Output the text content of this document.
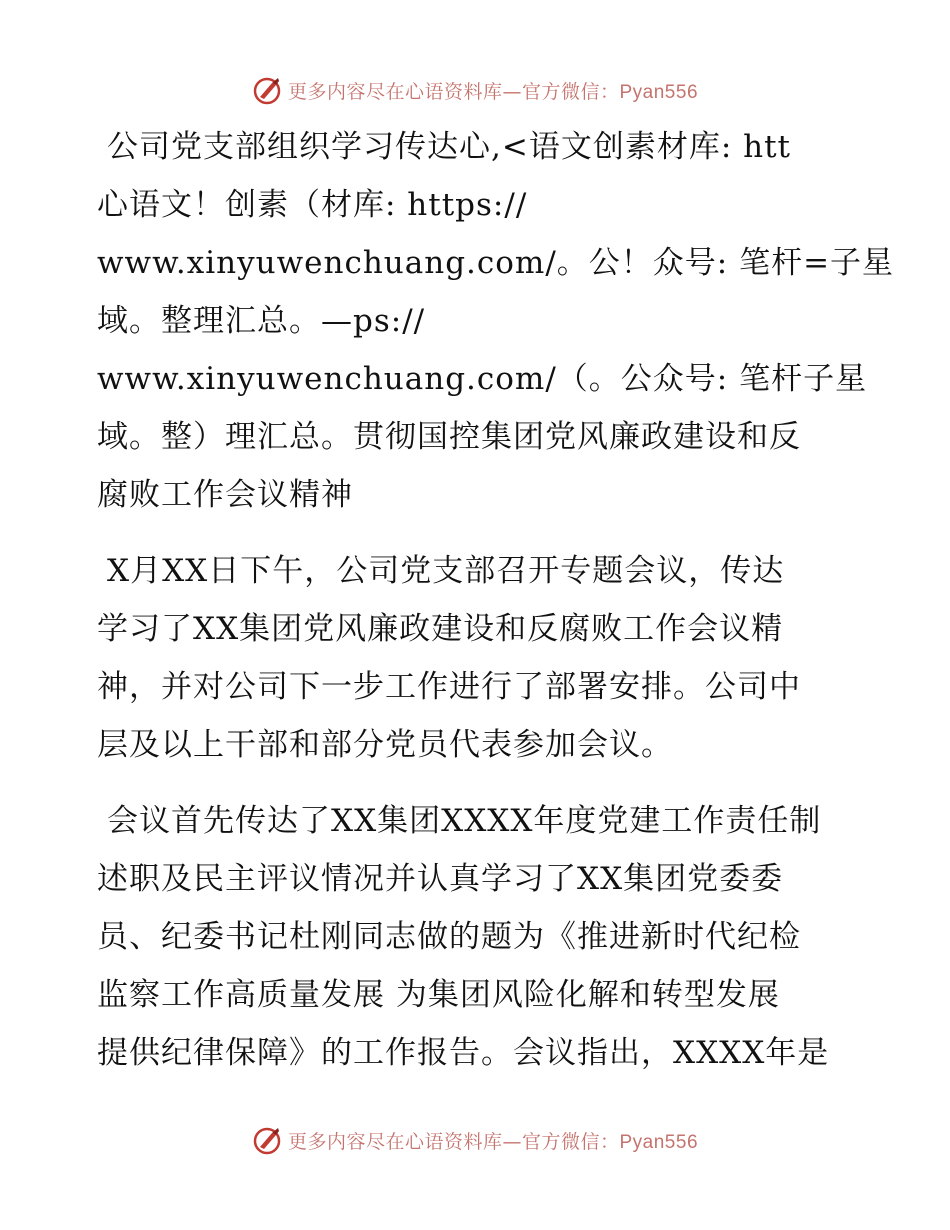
更多内容尽在心语资料库—官方微信：Pyan556
公司党支部组织学习传达心,<语文创素材库: htt
心语文！创素（材库: https://
www.xinyuwenchuang.com/。公！众号: 笔杆=子星
域。整理汇总。—ps://
www.xinyuwenchuang.com/（。公众号: 笔杆子星
域。整）理汇总。贯彻国控集团党风廉政建设和反
腐败工作会议精神
X月XX日下午，公司党支部召开专题会议，传达
学习了XX集团党风廉政建设和反腐败工作会议精
神，并对公司下一步工作进行了部署安排。公司中
层及以上干部和部分党员代表参加会议。
会议首先传达了XX集团XXXX年度党建工作责任制
述职及民主评议情况并认真学习了XX集团党委委
员、纪委书记杜刚同志做的题为《推进新时代纪检
监察工作高质量发展 为集团风险化解和转型发展
提供纪律保障》的工作报告。会议指出，XXXX年是
更多内容尽在心语资料库—官方微信：Pyan556
